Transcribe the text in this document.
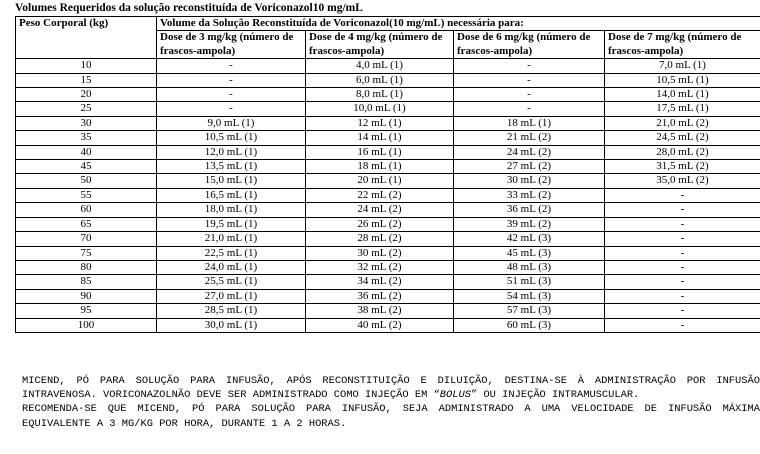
Volumes Requeridos da solução reconstituída de Voriconazol10 mg/mL
Peso Corporal (kg)	Volume da Solução Reconstituída de Voriconazol(10 mg/mL) necessária para:			
	Dose de 3 mg/kg (número de frascos-ampola)	Dose de 4 mg/kg (número de frascos-ampola)	Dose de 6 mg/kg (número de frascos-ampola)	Dose de 7 mg/kg (número de frascos-ampola)
10	-	4,0 mL (1)	-	7,0 mL (1)
15	-	6,0 mL (1)	-	10,5 mL (1)
20	-	8,0 mL (1)	-	14,0 mL (1)
25	-	10,0 mL (1)	-	17,5 mL (1)
30	9,0 mL (1)	12 mL (1)	18 mL (1)	21,0 mL (2)
35	10,5 mL (1)	14 mL (1)	21 mL (2)	24,5 mL (2)
40	12,0 mL (1)	16 mL (1)	24 mL (2)	28,0 mL (2)
45	13,5 mL (1)	18 mL (1)	27 mL (2)	31,5 mL (2)
50	15,0 mL (1)	20 mL (1)	30 mL (2)	35,0 mL (2)
55	16,5 mL (1)	22 mL (2)	33 mL (2)	-
60	18,0 mL (1)	24 mL (2)	36 mL (2)	-
65	19,5 mL (1)	26 mL (2)	39 mL (2)	-
70	21,0 mL (1)	28 mL (2)	42 mL (3)	-
75	22,5 mL (1)	30 mL (2)	45 mL (3)	-
80	24,0 mL (1)	32 mL (2)	48 mL (3)	-
85	25,5 mL (1)	34 mL (2)	51 mL (3)	-
90	27,0 mL (1)	36 mL (2)	54 mL (3)	-
95	28,5 mL (1)	38 mL (2)	57 mL (3)	-
100	30,0 mL (1)	40 mL (2)	60 mL (3)	-

MICEND, PÓ PARA SOLUÇÃO PARA INFUSÃO, APÓS RECONSTITUIÇÃO E DILUIÇÃO, DESTINA-SE À ADMINISTRAÇÃO POR INFUSÃO INTRAVENOSA. VORICONAZOLNÃO DEVE SER ADMINISTRADO COMO INJEÇÃO EM “BOLUS” OU INJEÇÃO INTRAMUSCULAR.

RECOMENDA-SE QUE MICEND, PÓ PARA SOLUÇÃO PARA INFUSÃO, SEJA ADMINISTRADO A UMA VELOCIDADE DE INFUSÃO MÁXIMA EQUIVALENTE A 3 MG/KG POR HORA, DURANTE 1 A 2 HORAS.
